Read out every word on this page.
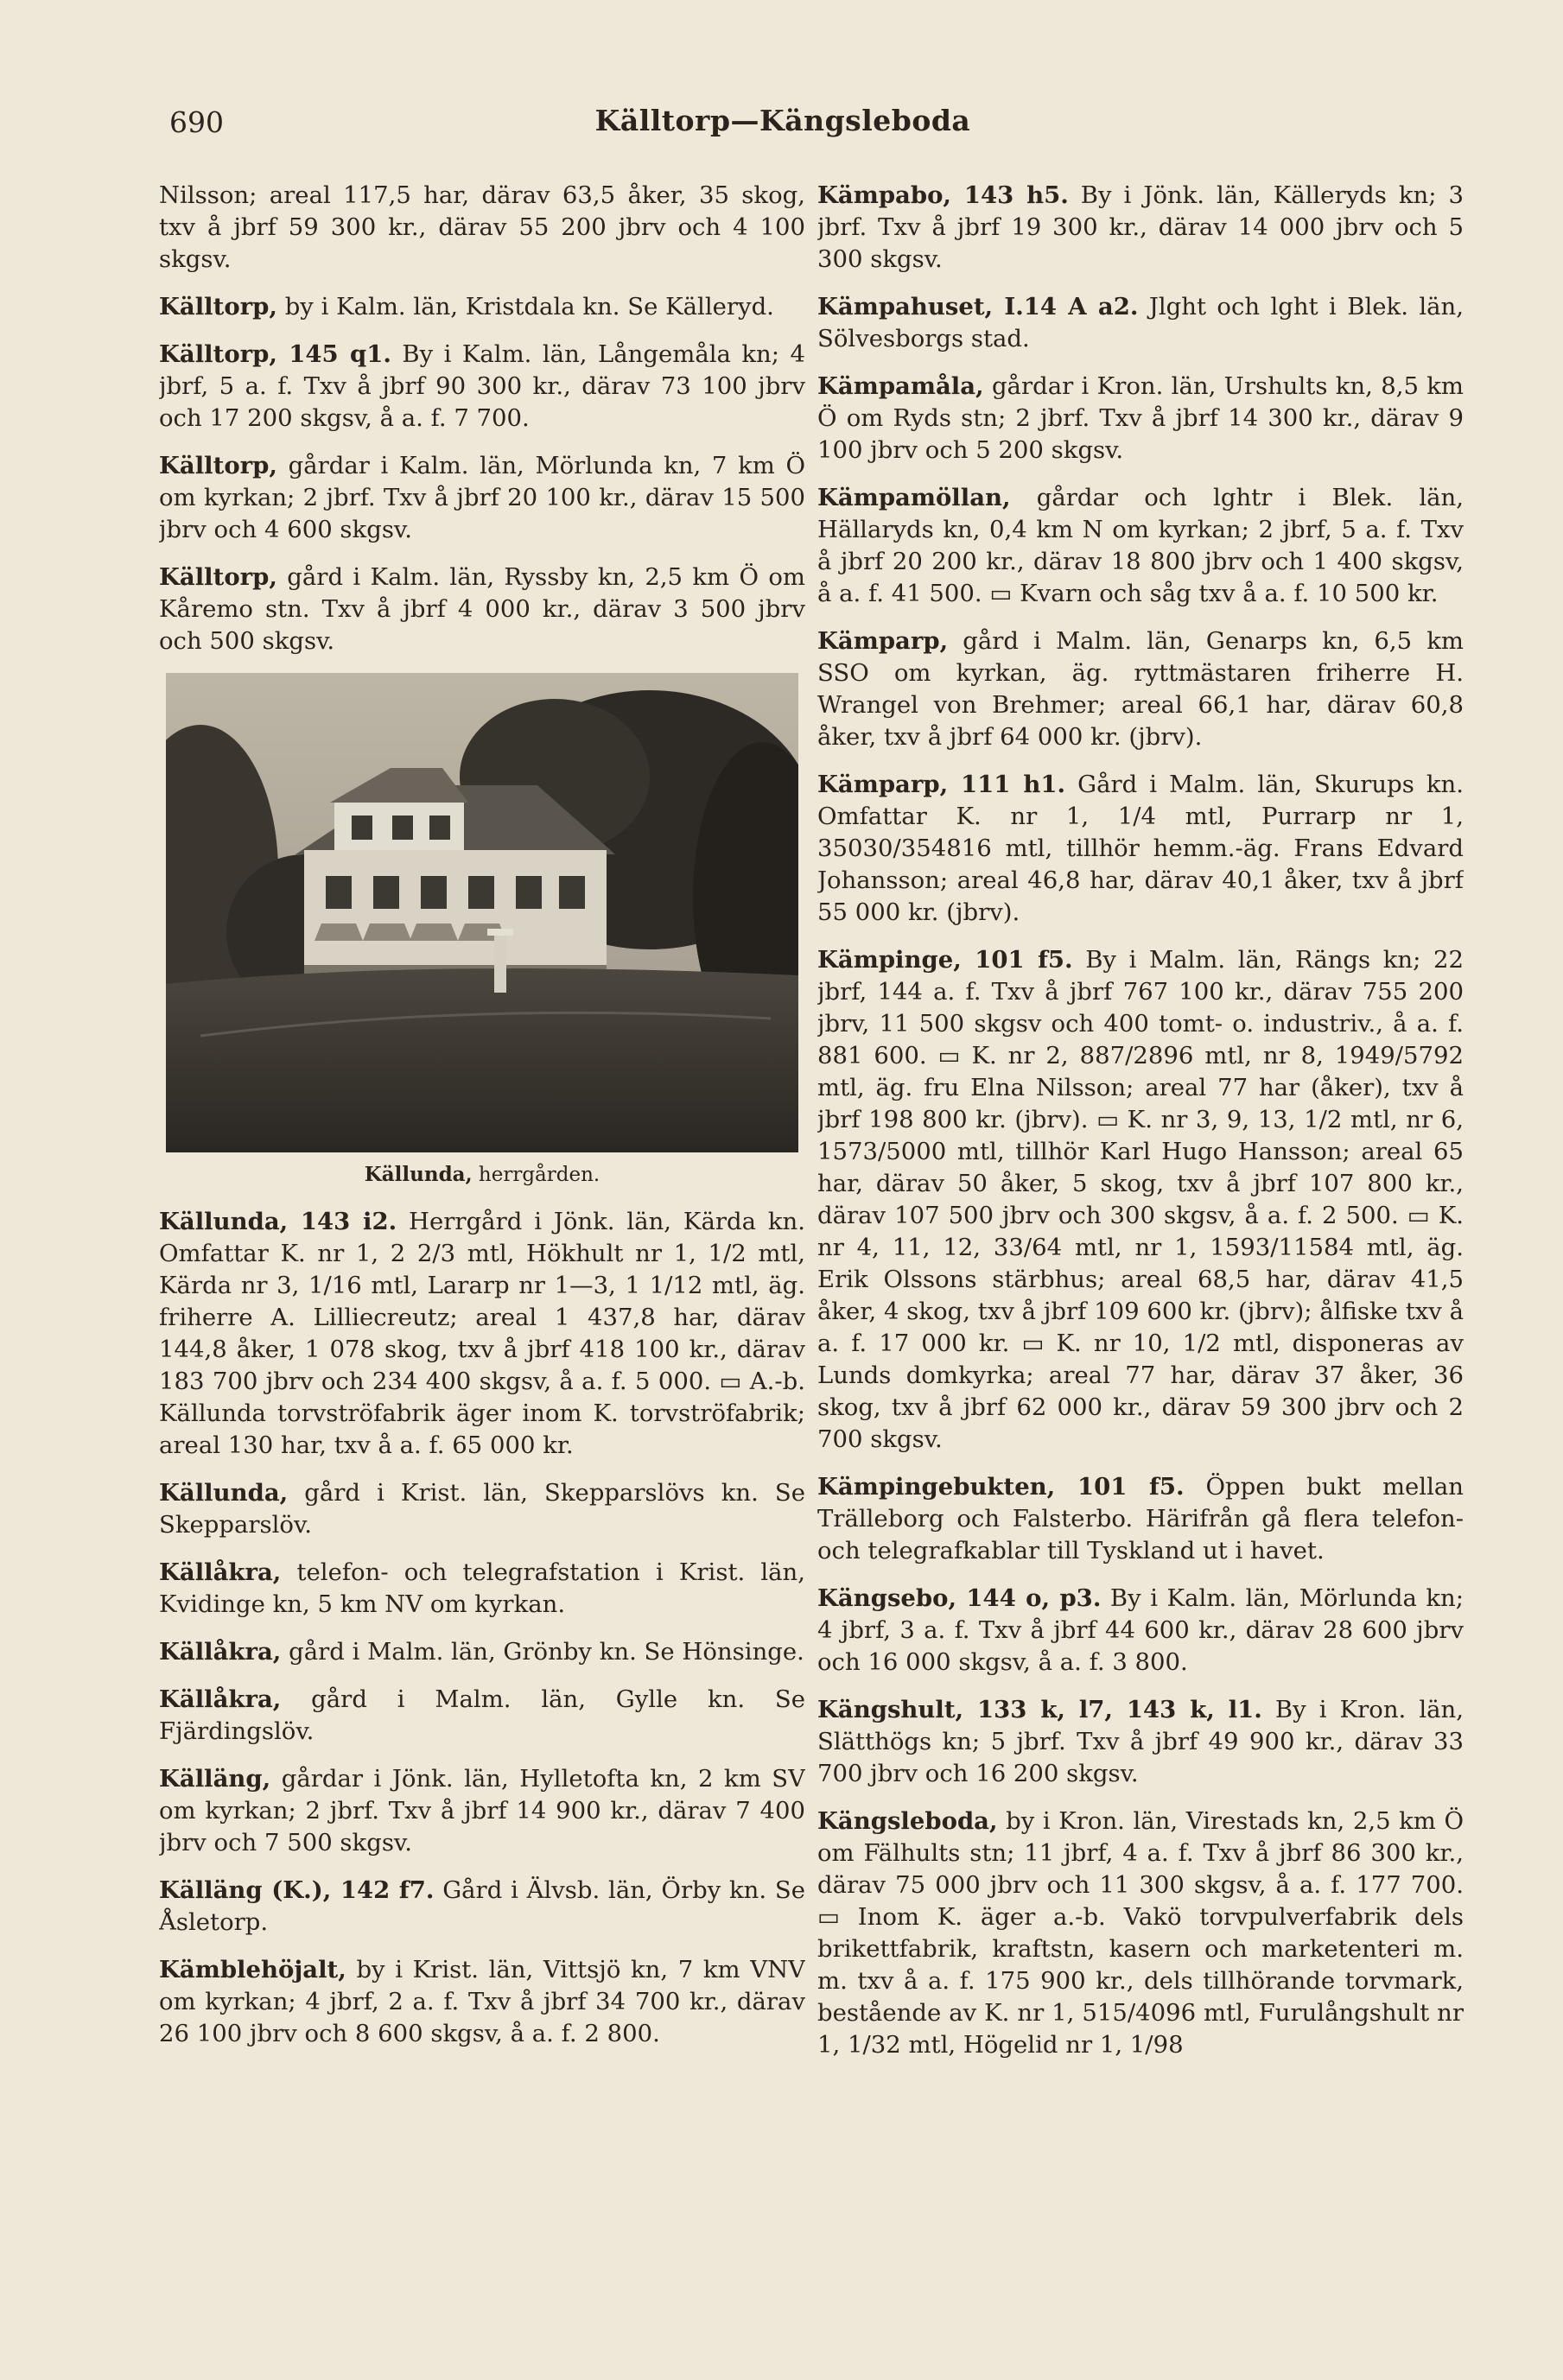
690	Källtorp—Kängsleboda

Nilsson; areal 117,5 har, därav 63,5 åker, 35 skog, txv å jbrf 59 300 kr., därav 55 200 jbrv och 4 100 skgsv.

Källtorp, by i Kalm. län, Kristdala kn. Se Källeryd.

Källtorp, 145 q1. By i Kalm. län, Långemåla kn; 4 jbrf, 5 a. f. Txv å jbrf 90 300 kr., därav 73 100 jbrv och 17 200 skgsv, å a. f. 7 700.

Källtorp, gårdar i Kalm. län, Mörlunda kn, 7 km Ö om kyrkan; 2 jbrf. Txv å jbrf 20 100 kr., därav 15 500 jbrv och 4 600 skgsv.

Källtorp, gård i Kalm. län, Ryssby kn, 2,5 km Ö om Kåremo stn. Txv å jbrf 4 000 kr., därav 3 500 jbrv och 500 skgsv.

Källunda, herrgården.

Källunda, 143 i2. Herrgård i Jönk. län, Kärda kn. Omfattar K. nr 1, 2 2/3 mtl, Hökhult nr 1, 1/2 mtl, Kärda nr 3, 1/16 mtl, Lararp nr 1—3, 1 1/12 mtl, äg. friherre A. Lilliecreutz; areal 1 437,8 har, därav 144,8 åker, 1 078 skog, txv å jbrf 418 100 kr., därav 183 700 jbrv och 234 400 skgsv, å a. f. 5 000. ▭ A.-b. Källunda torvströfabrik äger inom K. torvströfabrik; areal 130 har, txv å a. f. 65 000 kr.

Källunda, gård i Krist. län, Skepparslövs kn. Se Skepparslöv.

Källåkra, telefon- och telegrafstation i Krist. län, Kvidinge kn, 5 km NV om kyrkan.

Källåkra, gård i Malm. län, Grönby kn. Se Hönsinge.

Källåkra, gård i Malm. län, Gylle kn. Se Fjärdingslöv.

Källäng, gårdar i Jönk. län, Hylletofta kn, 2 km SV om kyrkan; 2 jbrf. Txv å jbrf 14 900 kr., därav 7 400 jbrv och 7 500 skgsv.

Källäng (K.), 142 f7. Gård i Älvsb. län, Örby kn. Se Åsletorp.

Kämblehöjalt, by i Krist. län, Vittsjö kn, 7 km VNV om kyrkan; 4 jbrf, 2 a. f. Txv å jbrf 34 700 kr., därav 26 100 jbrv och 8 600 skgsv, å a. f. 2 800.

Kämpabo, 143 h5. By i Jönk. län, Källeryds kn; 3 jbrf. Txv å jbrf 19 300 kr., därav 14 000 jbrv och 5 300 skgsv.

Kämpahuset, I.14 A a2. Jlght och lght i Blek. län, Sölvesborgs stad.

Kämpamåla, gårdar i Kron. län, Urshults kn, 8,5 km Ö om Ryds stn; 2 jbrf. Txv å jbrf 14 300 kr., därav 9 100 jbrv och 5 200 skgsv.

Kämpamöllan, gårdar och lghtr i Blek. län, Hällaryds kn, 0,4 km N om kyrkan; 2 jbrf, 5 a. f. Txv å jbrf 20 200 kr., därav 18 800 jbrv och 1 400 skgsv, å a. f. 41 500. ▭ Kvarn och såg txv å a. f. 10 500 kr.

Kämparp, gård i Malm. län, Genarps kn, 6,5 km SSO om kyrkan, äg. ryttmästaren friherre H. Wrangel von Brehmer; areal 66,1 har, därav 60,8 åker, txv å jbrf 64 000 kr. (jbrv).

Kämparp, 111 h1. Gård i Malm. län, Skurups kn. Omfattar K. nr 1, 1/4 mtl, Purrarp nr 1, 35030/354816 mtl, tillhör hemm.-äg. Frans Edvard Johansson; areal 46,8 har, därav 40,1 åker, txv å jbrf 55 000 kr. (jbrv).

Kämpinge, 101 f5. By i Malm. län, Rängs kn; 22 jbrf, 144 a. f. Txv å jbrf 767 100 kr., därav 755 200 jbrv, 11 500 skgsv och 400 tomt- o. industriv., å a. f. 881 600. ▭ K. nr 2, 887/2896 mtl, nr 8, 1949/5792 mtl, äg. fru Elna Nilsson; areal 77 har (åker), txv å jbrf 198 800 kr. (jbrv). ▭ K. nr 3, 9, 13, 1/2 mtl, nr 6, 1573/5000 mtl, tillhör Karl Hugo Hansson; areal 65 har, därav 50 åker, 5 skog, txv å jbrf 107 800 kr., därav 107 500 jbrv och 300 skgsv, å a. f. 2 500. ▭ K. nr 4, 11, 12, 33/64 mtl, nr 1, 1593/11584 mtl, äg. Erik Olssons stärbhus; areal 68,5 har, därav 41,5 åker, 4 skog, txv å jbrf 109 600 kr. (jbrv); ålfiske txv å a. f. 17 000 kr. ▭ K. nr 10, 1/2 mtl, disponeras av Lunds domkyrka; areal 77 har, därav 37 åker, 36 skog, txv å jbrf 62 000 kr., därav 59 300 jbrv och 2 700 skgsv.

Kämpingebukten, 101 f5. Öppen bukt mellan Trälleborg och Falsterbo. Härifrån gå flera telefon- och telegrafkablar till Tyskland ut i havet.

Kängsebo, 144 o, p3. By i Kalm. län, Mörlunda kn; 4 jbrf, 3 a. f. Txv å jbrf 44 600 kr., därav 28 600 jbrv och 16 000 skgsv, å a. f. 3 800.

Kängshult, 133 k, l7, 143 k, l1. By i Kron. län, Slätthögs kn; 5 jbrf. Txv å jbrf 49 900 kr., därav 33 700 jbrv och 16 200 skgsv.

Kängsleboda, by i Kron. län, Virestads kn, 2,5 km Ö om Fälhults stn; 11 jbrf, 4 a. f. Txv å jbrf 86 300 kr., därav 75 000 jbrv och 11 300 skgsv, å a. f. 177 700. ▭ Inom K. äger a.-b. Vakö torvpulverfabrik dels brikettfabrik, kraftstn, kasern och marketenteri m. m. txv å a. f. 175 900 kr., dels tillhörande torvmark, bestående av K. nr 1, 515/4096 mtl, Furulångshult nr 1, 1/32 mtl, Högelid nr 1, 1/98
